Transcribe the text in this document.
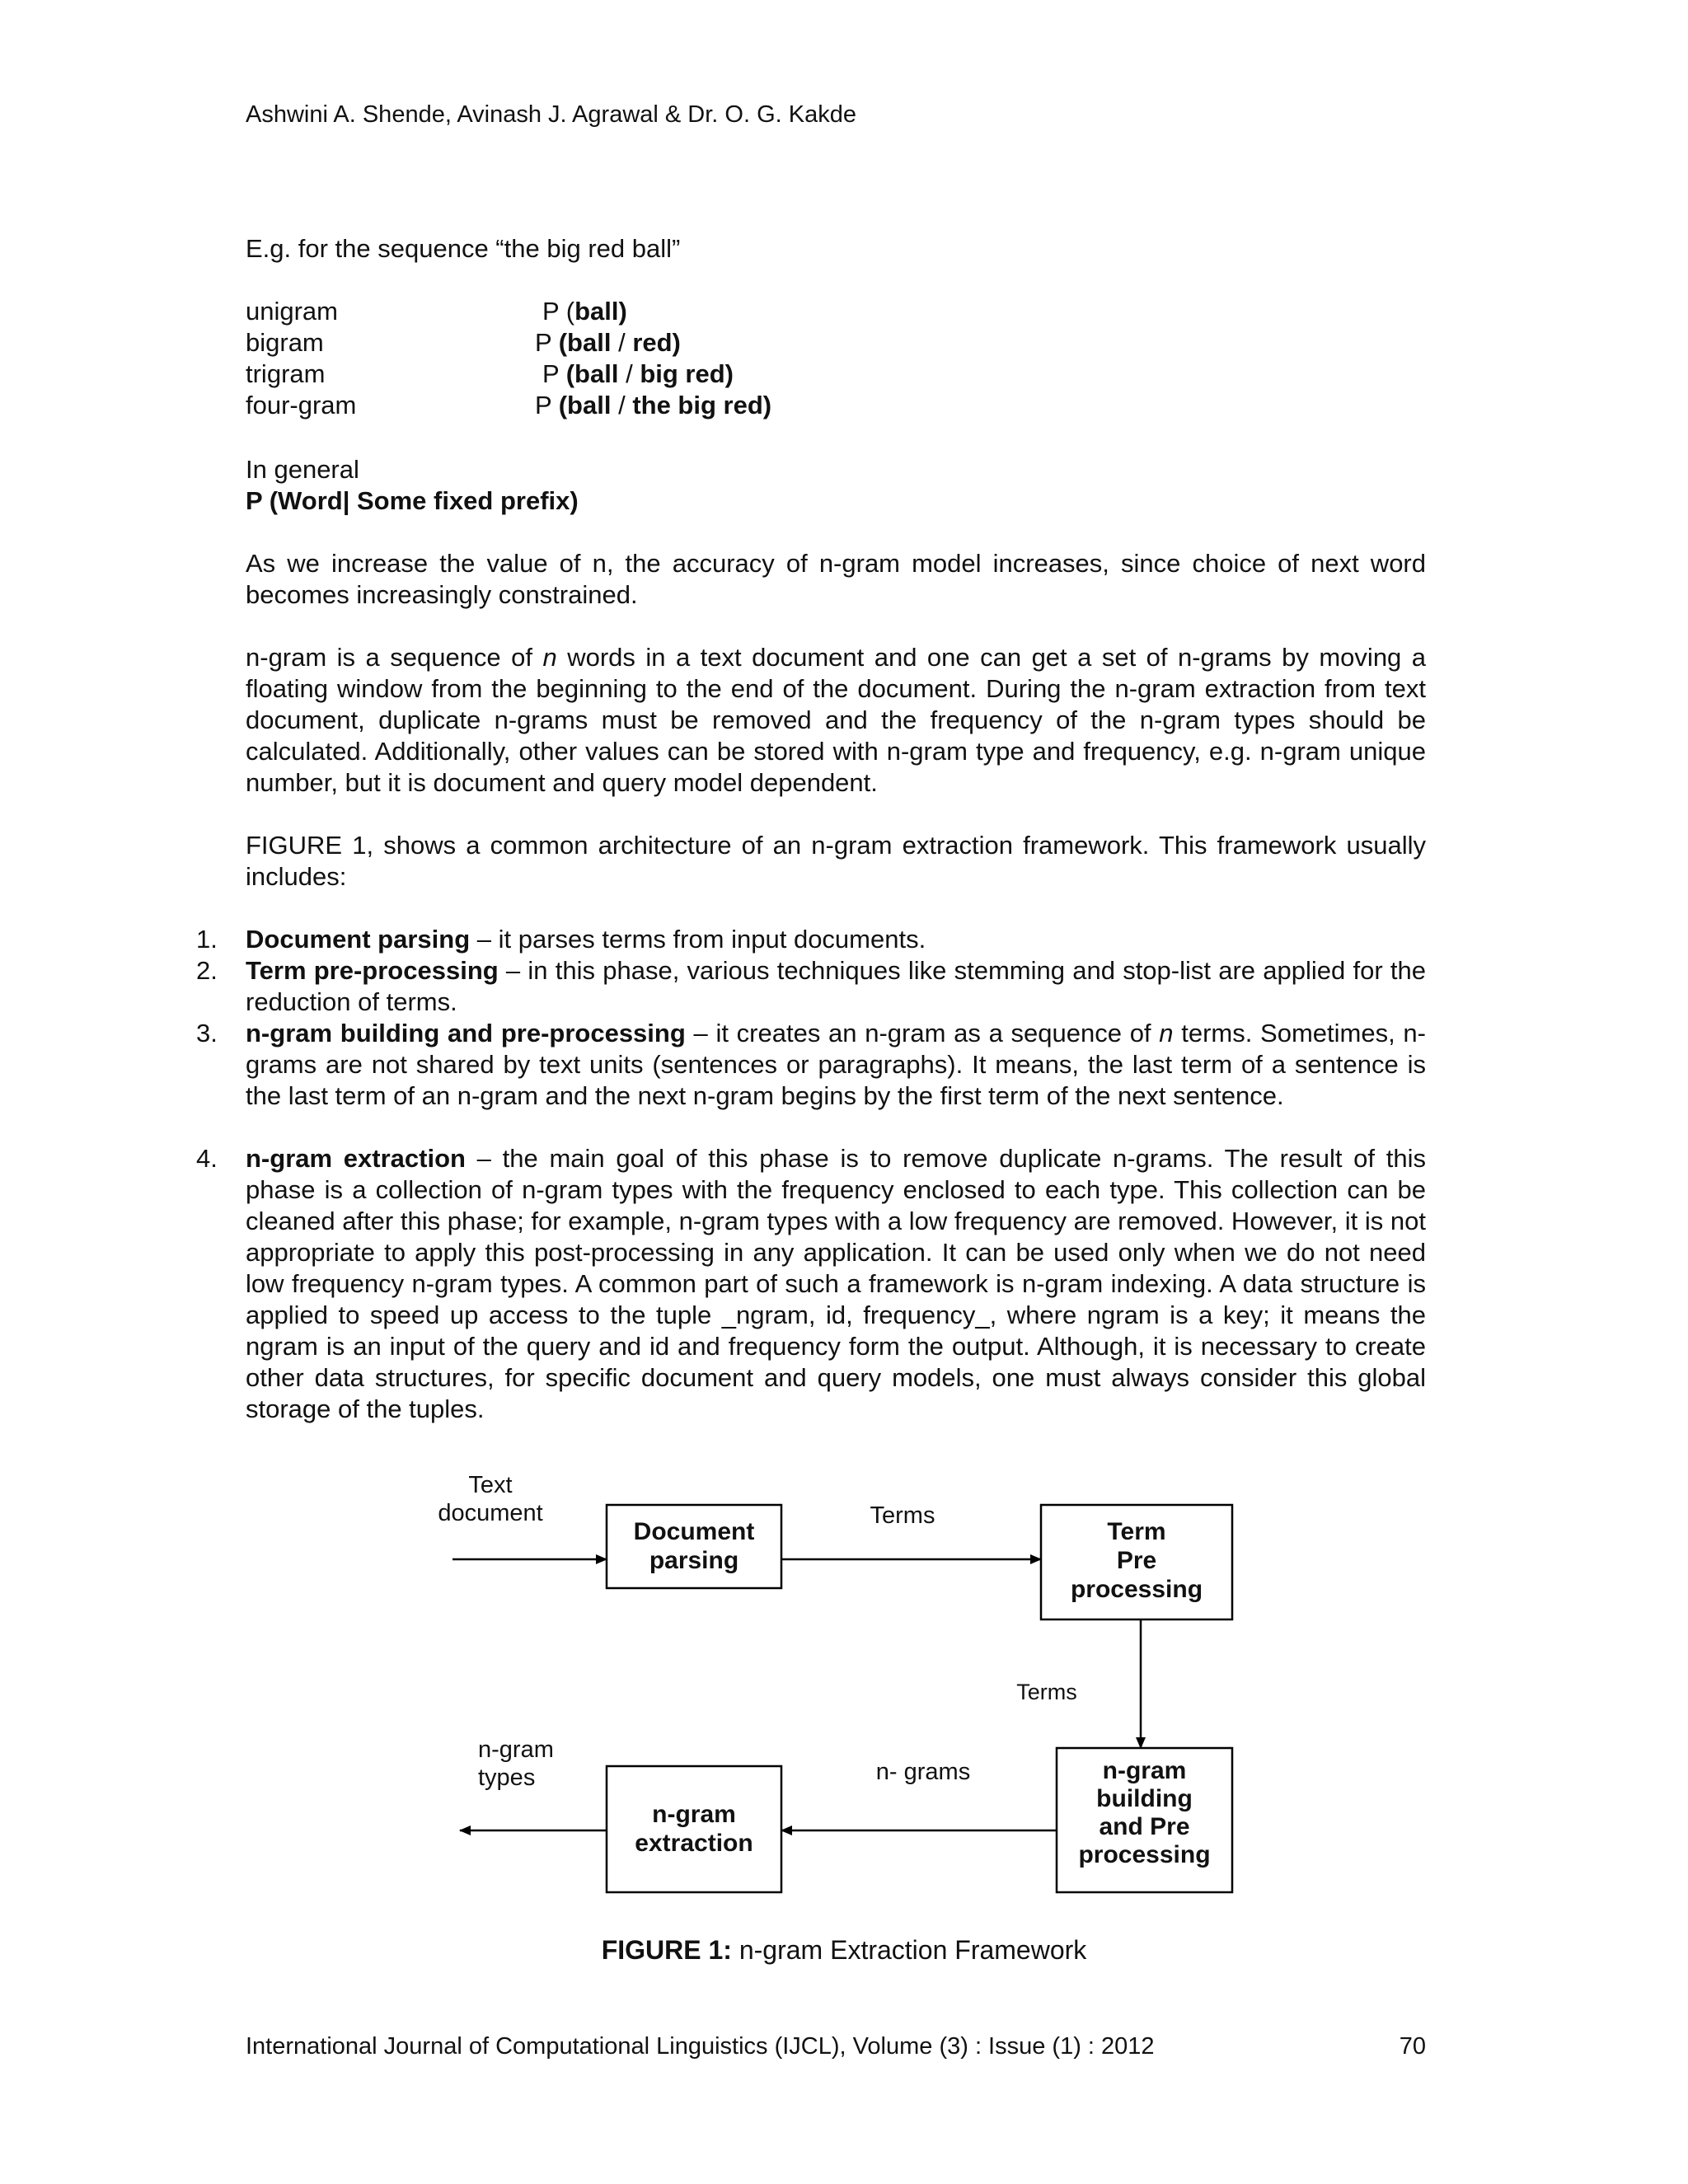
Ashwini A. Shende, Avinash J. Agrawal & Dr. O. G. Kakde
E.g. for the sequence “the big red ball”
unigram	P (ball)
bigram	P (ball / red)
trigram	P (ball / big red)
four-gram	P (ball / the big red)
In general
P (Word| Some fixed prefix)
As we increase the value of n, the accuracy of n-gram model increases, since choice of next word becomes increasingly constrained.
n-gram is a sequence of n words in a text document and one can get a set of n-grams by moving a floating window from the beginning to the end of the document. During the n-gram extraction from text document, duplicate n-grams must be removed and the frequency of the n-gram types should be calculated. Additionally, other values can be stored with n-gram type and frequency, e.g. n-gram unique number, but it is document and query model dependent.
FIGURE 1, shows a common architecture of an n-gram extraction framework. This framework usually includes:
1. Document parsing – it parses terms from input documents.
2. Term pre-processing – in this phase, various techniques like stemming and stop-list are applied for the reduction of terms.
3. n-gram building and pre-processing – it creates an n-gram as a sequence of n terms. Sometimes, n-grams are not shared by text units (sentences or paragraphs). It means, the last term of a sentence is the last term of an n-gram and the next n-gram begins by the first term of the next sentence.
4. n-gram extraction – the main goal of this phase is to remove duplicate n-grams. The result of this phase is a collection of n-gram types with the frequency enclosed to each type. This collection can be cleaned after this phase; for example, n-gram types with a low frequency are removed. However, it is not appropriate to apply this post-processing in any application. It can be used only when we do not need low frequency n-gram types. A common part of such a framework is n-gram indexing. A data structure is applied to speed up access to the tuple _ngram, id, frequency_, where ngram is a key; it means the ngram is an input of the query and id and frequency form the output. Although, it is necessary to create other data structures, for specific document and query models, one must always consider this global storage of the tuples.
Text
document
Document
parsing
Terms
Term
Pre
processing
Terms
n-gram
building
and Pre
processing
n- grams
n-gram
extraction
n-gram
types
FIGURE 1: n-gram Extraction Framework
International Journal of Computational Linguistics (IJCL), Volume (3) : Issue (1) : 2012	70
